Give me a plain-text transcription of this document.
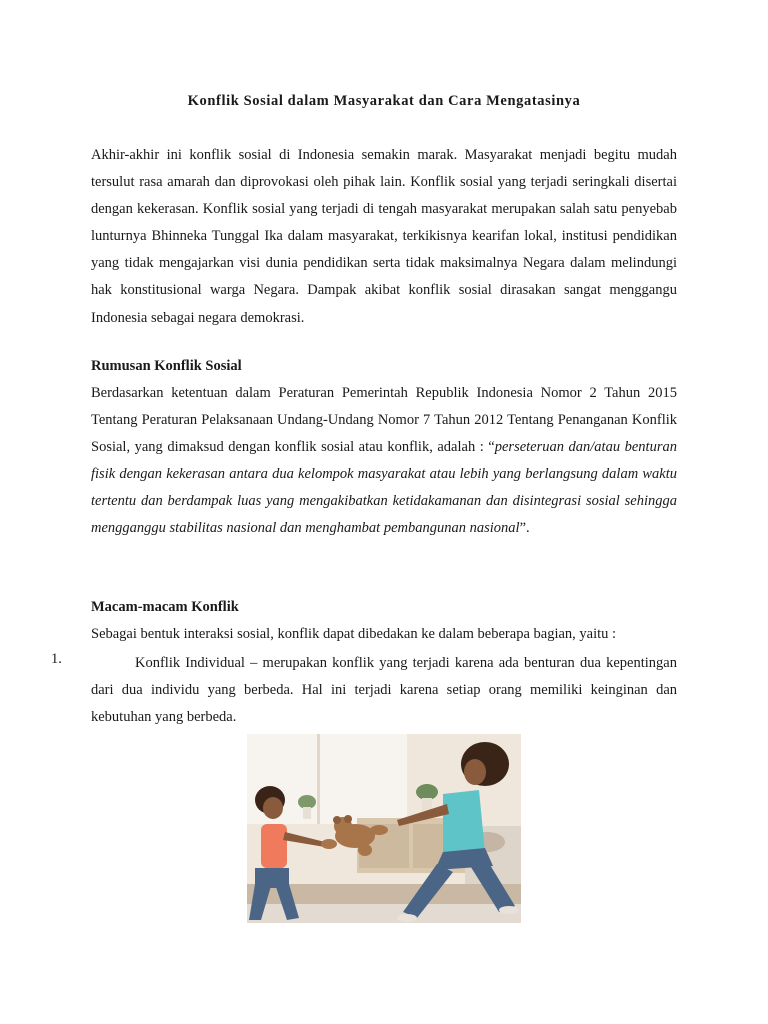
Konflik Sosial dalam Masyarakat dan Cara Mengatasinya

Akhir-akhir ini konflik sosial di Indonesia semakin marak. Masyarakat menjadi begitu mudah tersulut rasa amarah dan diprovokasi oleh pihak lain. Konflik sosial yang terjadi seringkali disertai dengan kekerasan. Konflik sosial yang terjadi di tengah masyarakat merupakan salah satu penyebab lunturnya Bhinneka Tunggal Ika dalam masyarakat, terkikisnya kearifan lokal, institusi pendidikan yang tidak mengajarkan visi dunia pendidikan serta tidak maksimalnya Negara dalam melindungi hak konstitusional warga Negara. Dampak akibat konflik sosial dirasakan sangat menggangu Indonesia sebagai negara demokrasi.

Rumusan Konflik Sosial

Berdasarkan ketentuan dalam Peraturan Pemerintah Republik Indonesia Nomor 2 Tahun 2015 Tentang Peraturan Pelaksanaan Undang-Undang Nomor 7 Tahun 2012 Tentang Penanganan Konflik Sosial, yang dimaksud dengan konflik sosial atau konflik, adalah : “perseteruan dan/atau benturan fisik dengan kekerasan antara dua kelompok masyarakat atau lebih yang berlangsung dalam waktu tertentu dan berdampak luas yang mengakibatkan ketidakamanan dan disintegrasi sosial sehingga mengganggu stabilitas nasional dan menghambat pembangunan nasional”.

Macam-macam Konflik

Sebagai bentuk interaksi sosial, konflik dapat dibedakan ke dalam beberapa bagian, yaitu :

1.	Konflik Individual – merupakan konflik yang terjadi karena ada benturan dua kepentingan dari dua individu yang berbeda. Hal ini terjadi karena setiap orang memiliki keinginan dan kebutuhan yang berbeda.
